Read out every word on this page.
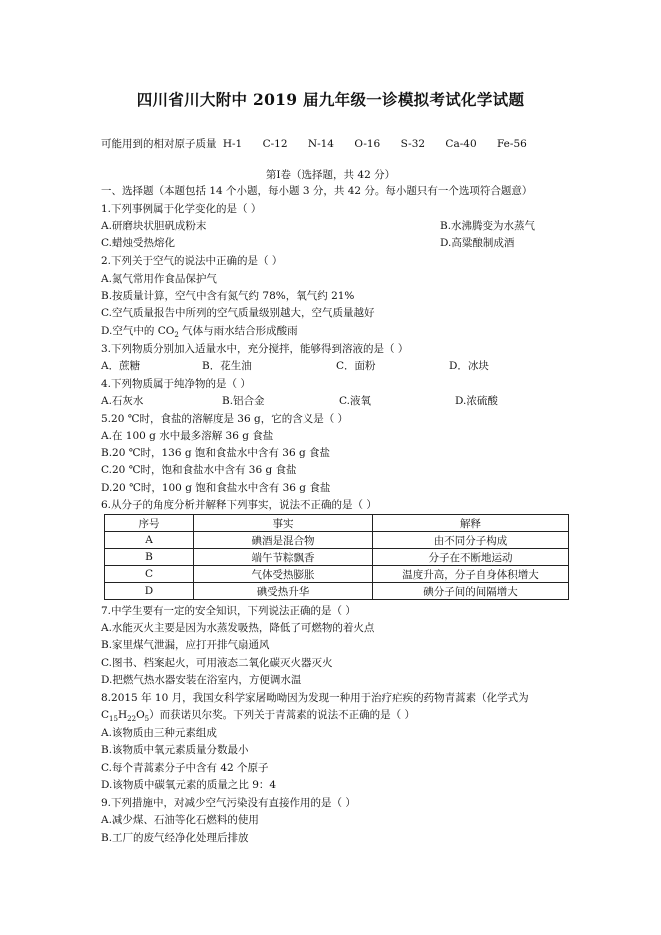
四川省川大附中 2019 届九年级一诊模拟考试化学试题
可能用到的相对原子质量 H-1 C-12 N-14 O-16 S-32 Ca-40 Fe-56
第Ⅰ卷（选择题，共 42 分）
一、选择题（本题包括 14 个小题，每小题 3 分，共 42 分。每小题只有一个选项符合题意）
1.下列事例属于化学变化的是（ ）
A.研磨块状胆矾成粉末	B.水沸腾变为水蒸气
C.蜡烛受热熔化	D.高粱酿制成酒
2.下列关于空气的说法中正确的是（ ）
A.氮气常用作食品保护气
B.按质量计算，空气中含有氮气约 78%，氧气约 21%
C.空气质量报告中所列的空气质量级别越大，空气质量越好
D.空气中的 $CO_2$ 气体与雨水结合形成酸雨
3.下列物质分别加入适量水中，充分搅拌，能够得到溶液的是（ ）
A．蔗糖	B．花生油	C．面粉	D．冰块
4.下列物质属于纯净物的是（ ）
A.石灰水	B.铝合金	C.液氧	D.浓硫酸
5.20 ℃时，食盐的溶解度是 36 g，它的含义是（ ）
A.在 100 g 水中最多溶解 36 g 食盐
B.20 ℃时，136 g 饱和食盐水中含有 36 g 食盐
C.20 ℃时，饱和食盐水中含有 36 g 食盐
D.20 ℃时，100 g 饱和食盐水中含有 36 g 食盐
6.从分子的角度分析并解释下列事实，说法不正确的是（ ）
序号	事实	解释
A	碘酒是混合物	由不同分子构成
B	端午节粽飘香	分子在不断地运动
C	气体受热膨胀	温度升高，分子自身体积增大
D	碘受热升华	碘分子间的间隔增大
7.中学生要有一定的安全知识，下列说法正确的是（ ）
A.水能灭火主要是因为水蒸发吸热，降低了可燃物的着火点
B.家里煤气泄漏，应打开排气扇通风
C.图书、档案起火，可用液态二氧化碳灭火器灭火
D.把燃气热水器安装在浴室内，方便调水温
8.2015 年 10 月，我国女科学家屠呦呦因为发现一种用于治疗疟疾的药物青蒿素（化学式为
$C_{15}H_{22}O_5$）而获诺贝尔奖。下列关于青蒿素的说法不正确的是（ ）
A.该物质由三种元素组成
B.该物质中氧元素质量分数最小
C.每个青蒿素分子中含有 42 个原子
D.该物质中碳氧元素的质量之比 9：4
9.下列措施中，对减少空气污染没有直接作用的是（ ）
A.减少煤、石油等化石燃料的使用
B.工厂的废气经净化处理后排放
